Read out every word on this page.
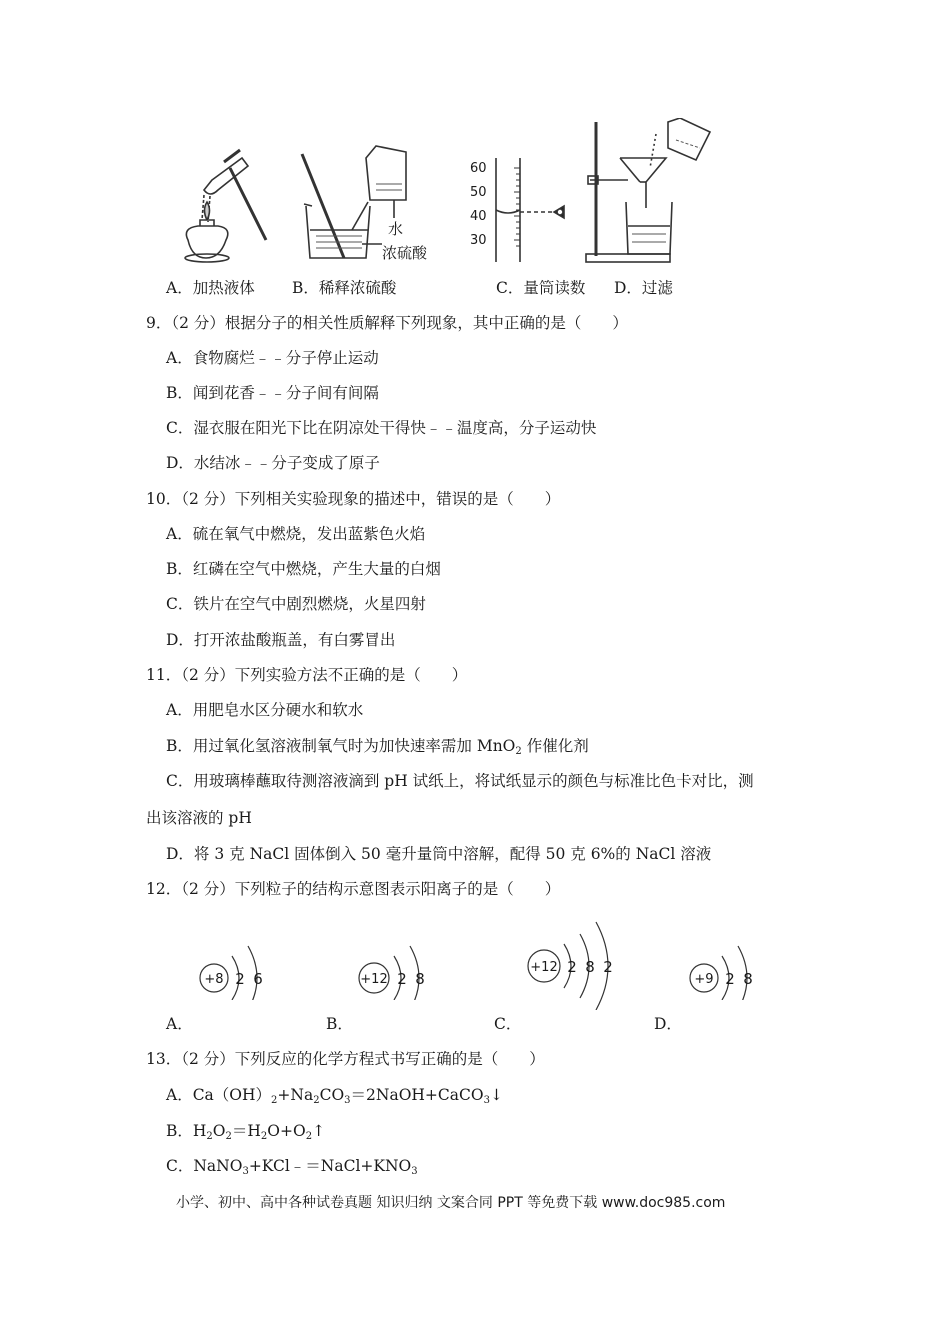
水
浓硫酸
60
50
40
30
A．加热液体 B．稀释浓硫酸	C．量筒读数 D．过滤
9．（2 分）根据分子的相关性质解释下列现象，其中正确的是（　　）
A．食物腐烂﹣﹣分子停止运动
B．闻到花香﹣﹣分子间有间隔
C．湿衣服在阳光下比在阴凉处干得快﹣﹣温度高，分子运动快
D．水结冰﹣﹣分子变成了原子
10．（2 分）下列相关实验现象的描述中，错误的是（　　）
A．硫在氧气中燃烧，发出蓝紫色火焰
B．红磷在空气中燃烧，产生大量的白烟
C．铁片在空气中剧烈燃烧，火星四射
D．打开浓盐酸瓶盖，有白雾冒出
11．（2 分）下列实验方法不正确的是（　　）
A．用肥皂水区分硬水和软水
B．用过氧化氢溶液制氧气时为加快速率需加 MnO$_2$ 作催化剂
C．用玻璃棒蘸取待测溶液滴到 pH 试纸上，将试纸显示的颜色与标准比色卡对比，测
出该溶液的 pH
D．将 3 克 NaCl 固体倒入 50 毫升量筒中溶解，配得 50 克 6%的 NaCl 溶液
12．（2 分）下列粒子的结构示意图表示阳离子的是（　　）
A．
+8 2 6
B．
+12 2 8
C．
+12 2 8 2
D．
+9 2 8
13．（2 分）下列反应的化学方程式书写正确的是（　　）
A．$Ca(OH)_2+Na_2CO_3=2NaOH+CaCO_3↓$
B．$H_2O_2=H_2O+O_2↑$
C．$NaNO_3+KCl﹣=NaCl+KNO_3$
小学、初中、高中各种试卷真题 知识归纳 文案合同 PPT 等免费下载 www.doc985.com
